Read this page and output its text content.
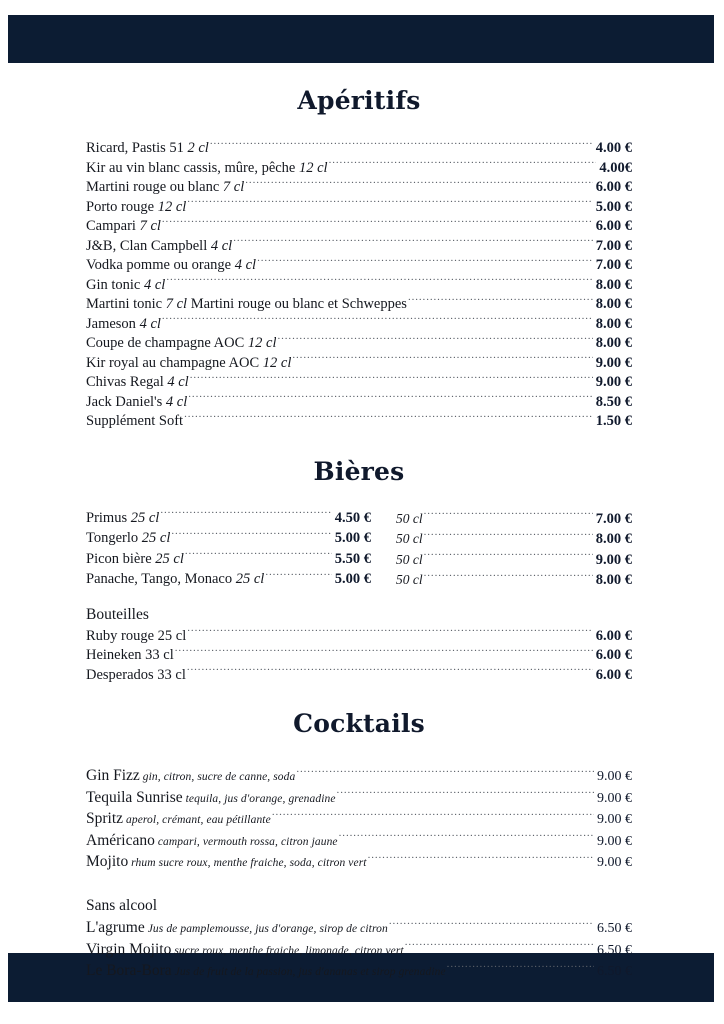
Apéritifs
Ricard, Pastis 51 2 cl .....	4.00 €
Kir au vin blanc cassis, mûre, pêche 12 cl .....	4.00€
Martini rouge ou blanc 7 cl .....	6.00 €
Porto rouge 12 cl .....	5.00 €
Campari 7 cl .....	6.00 €
J&B, Clan Campbell 4 cl .....	7.00 €
Vodka pomme ou orange 4 cl .....	7.00 €
Gin tonic 4 cl .....	8.00 €
Martini tonic 7 cl Martini rouge ou blanc et Schweppes .....	8.00 €
Jameson 4 cl .....	8.00 €
Coupe de champagne AOC 12 cl .....	8.00 €
Kir royal au champagne AOC 12 cl .....	9.00 €
Chivas Regal 4 cl .....	9.00 €
Jack Daniel's 4 cl .....	8.50 €
Supplément Soft .....	1.50 €
Bières
Primus 25 cl .....	4.50 € 50 cl .....	7.00 €
Tongerlo 25 cl .....	5.00 € 50 cl .....	8.00 €
Picon bière 25 cl .....	5.50 € 50 cl .....	9.00 €
Panache, Tango, Monaco 25 cl .....	5.00 € 50 cl .....	8.00 €
Bouteilles
Ruby rouge 25 cl .....	6.00 €
Heineken 33 cl .....	6.00 €
Desperados 33 cl .....	6.00 €
Cocktails
Gin Fizz gin, citron, sucre de canne, soda .....	9.00 €
Tequila Sunrise tequila, jus d'orange, grenadine .....	9.00 €
Spritz aperol, crémant, eau pétillante .....	9.00 €
Américano campari, vermouth rossa, citron jaune .....	9.00 €
Mojito rhum sucre roux, menthe fraiche, soda, citron vert .....	9.00 €
Sans alcool
L'agrume Jus de pamplemousse, jus d'orange, sirop de citron .....	6.50 €
Virgin Mojito sucre roux, menthe fraiche, limonade, citron vert .....	6.50 €
Le Bora-Bora Jus de fruit de la passion, jus d'ananas et sirop grenadine .....	6.50 €
